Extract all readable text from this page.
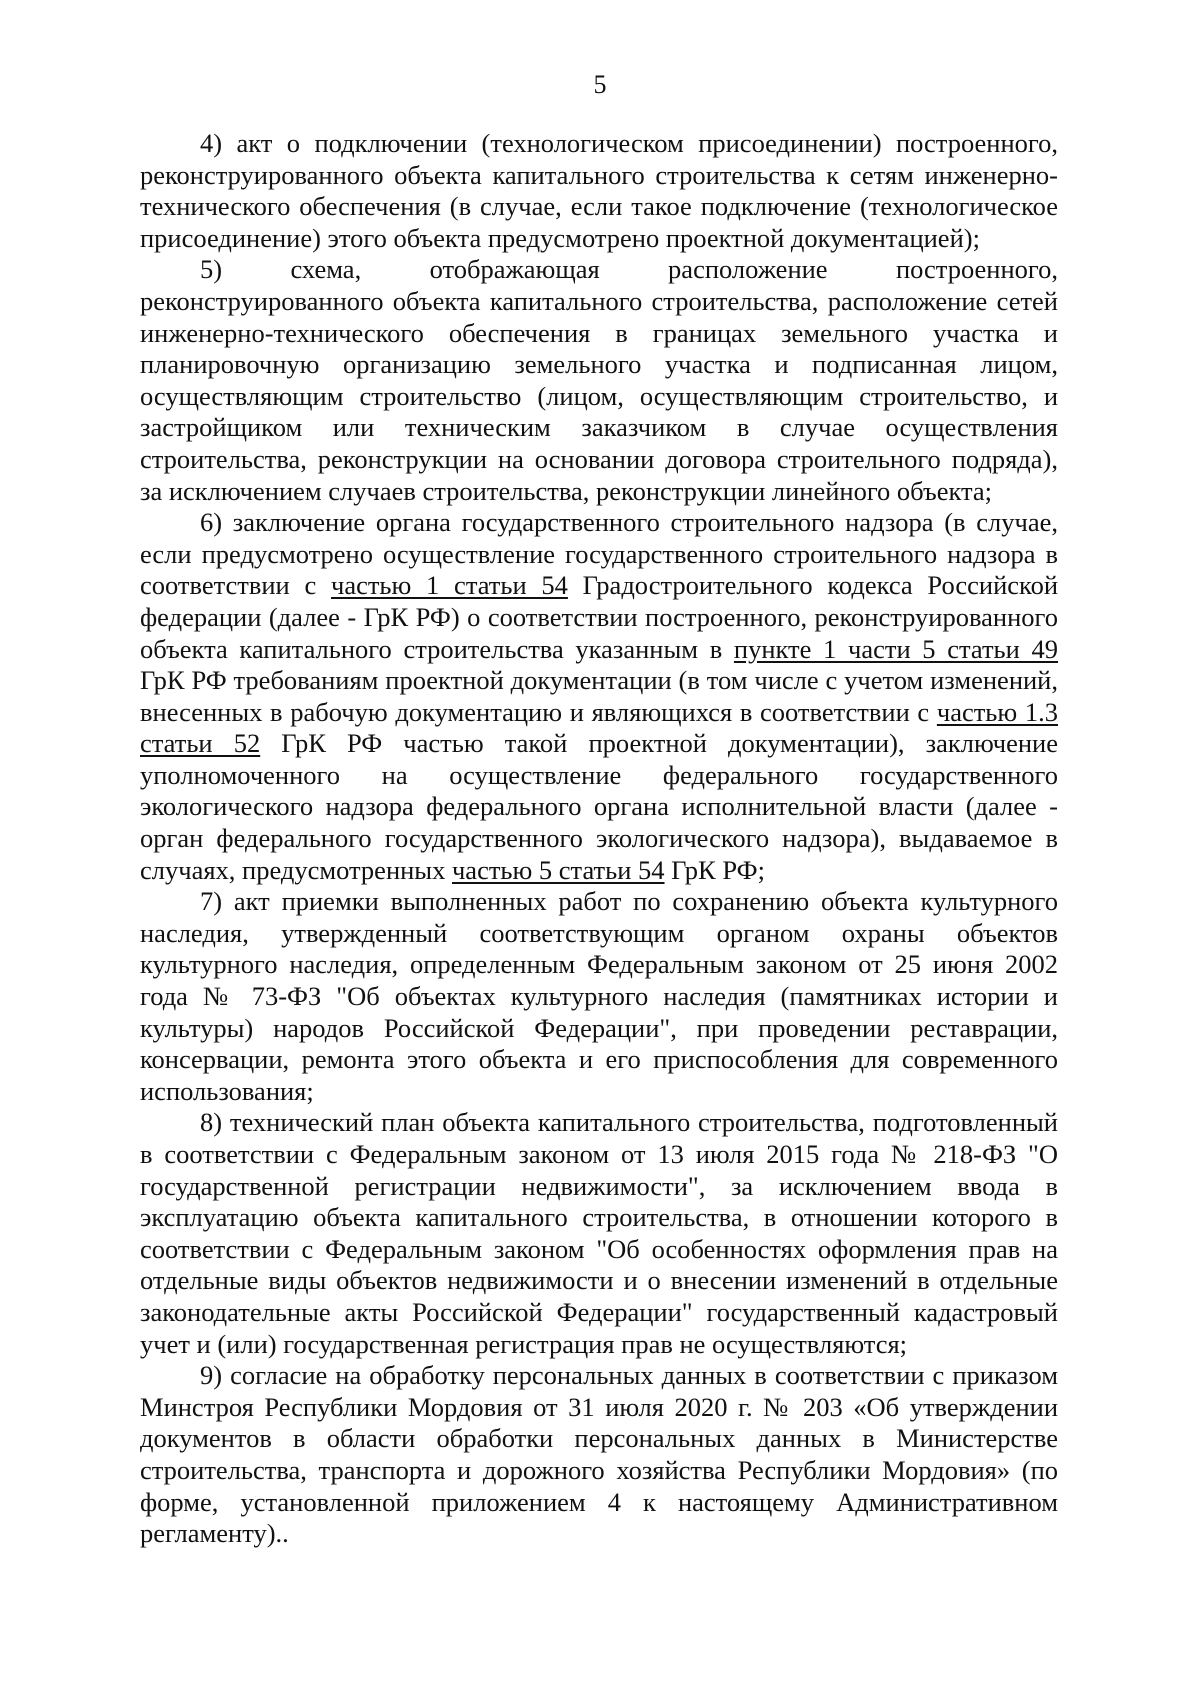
5

4) акт о подключении (технологическом присоединении) построенного, реконструированного объекта капитального строительства к сетям инженерно-технического обеспечения (в случае, если такое подключение (технологическое присоединение) этого объекта предусмотрено проектной документацией);

5) схема, отображающая расположение построенного, реконструированного объекта капитального строительства, расположение сетей инженерно-технического обеспечения в границах земельного участка и планировочную организацию земельного участка и подписанная лицом, осуществляющим строительство (лицом, осуществляющим строительство, и застройщиком или техническим заказчиком в случае осуществления строительства, реконструкции на основании договора строительного подряда), за исключением случаев строительства, реконструкции линейного объекта;

6) заключение органа государственного строительного надзора (в случае, если предусмотрено осуществление государственного строительного надзора в соответствии с частью 1 статьи 54 Градостроительного кодекса Российской федерации (далее - ГрК РФ) о соответствии построенного, реконструированного объекта капитального строительства указанным в пункте 1 части 5 статьи 49 ГрК РФ требованиям проектной документации (в том числе с учетом изменений, внесенных в рабочую документацию и являющихся в соответствии с частью 1.3 статьи 52 ГрК РФ частью такой проектной документации), заключение уполномоченного на осуществление федерального государственного экологического надзора федерального органа исполнительной власти (далее - орган федерального государственного экологического надзора), выдаваемое в случаях, предусмотренных частью 5 статьи 54 ГрК РФ;

7) акт приемки выполненных работ по сохранению объекта культурного наследия, утвержденный соответствующим органом охраны объектов культурного наследия, определенным Федеральным законом от 25 июня 2002 года № 73-ФЗ "Об объектах культурного наследия (памятниках истории и культуры) народов Российской Федерации", при проведении реставрации, консервации, ремонта этого объекта и его приспособления для современного использования;

8) технический план объекта капитального строительства, подготовленный в соответствии с Федеральным законом от 13 июля 2015 года № 218-ФЗ "О государственной регистрации недвижимости", за исключением ввода в эксплуатацию объекта капитального строительства, в отношении которого в соответствии с Федеральным законом "Об особенностях оформления прав на отдельные виды объектов недвижимости и о внесении изменений в отдельные законодательные акты Российской Федерации" государственный кадастровый учет и (или) государственная регистрация прав не осуществляются;

9) согласие на обработку персональных данных в соответствии с приказом Минстроя Республики Мордовия от 31 июля 2020 г. № 203 «Об утверждении документов в области обработки персональных данных в Министерстве строительства, транспорта и дорожного хозяйства Республики Мордовия» (по форме, установленной приложением 4 к настоящему Административном регламенту)..
